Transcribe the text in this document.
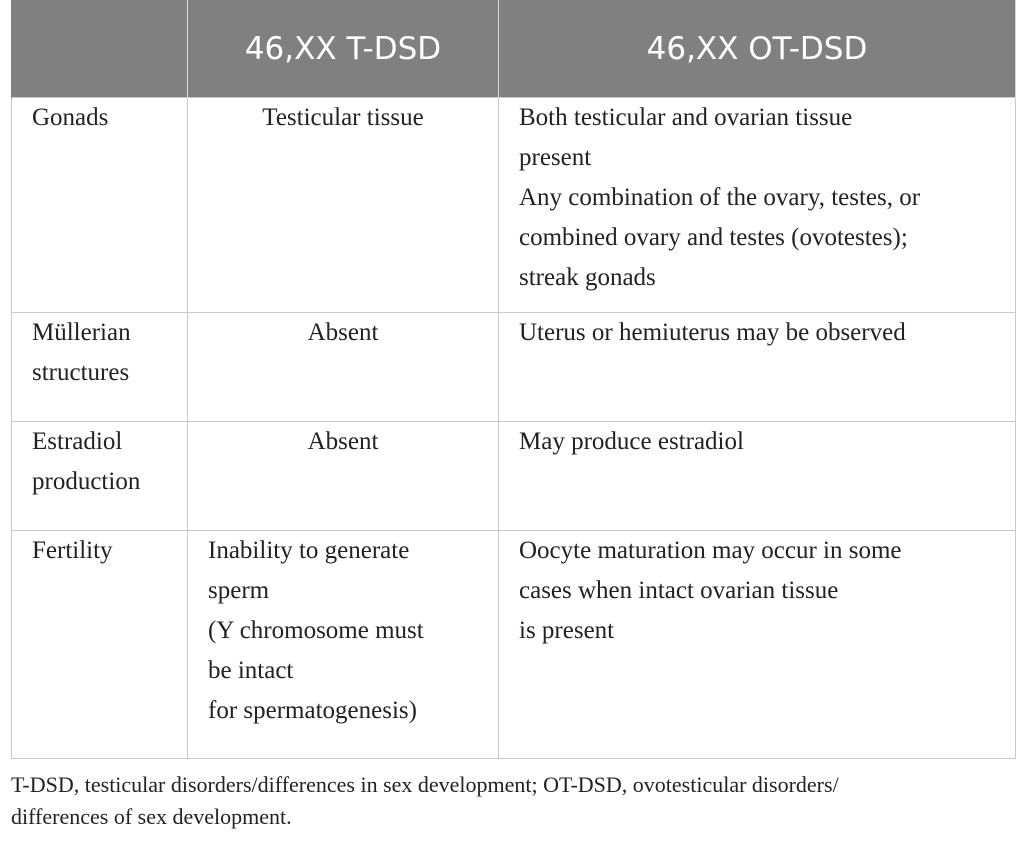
	46,XX T-DSD	46,XX OT-DSD

Gonads	Testicular tissue	Both testicular and ovarian tissue
present
Any combination of the ovary, testes, or
combined ovary and testes (ovotestes);
streak gonads

Müllerian
structures	Absent	Uterus or hemiuterus may be observed

Estradiol
production	Absent	May produce estradiol

Fertility	Inability to generate
sperm
(Y chromosome must
be intact
for spermatogenesis)	Oocyte maturation may occur in some
cases when intact ovarian tissue
is present
T-DSD, testicular disorders/differences in sex development; OT-DSD, ovotesticular disorders/
differences of sex development.
